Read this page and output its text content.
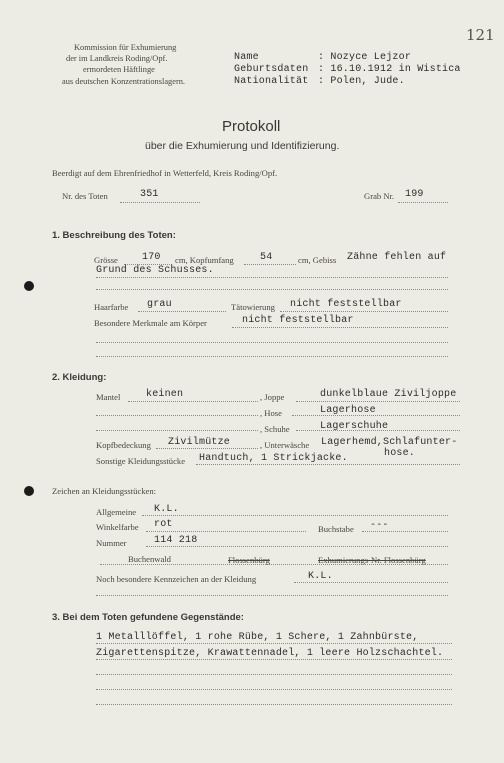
121
Kommission für Exhumierung
der im Landkreis Roding/Opf.
ermordeten Häftlinge
aus deutschen Konzentrationslagern.
Name	: Nozyce Lejzor
Geburtsdaten : 16.10.1912 in Wistica
Nationalität : Polen, Jude.
Protokoll
über die Exhumierung und Identifizierung.
Beerdigt auf dem Ehrenfriedhof in Wetterfeld, Kreis Roding/Opf.
Nr. des Toten	351	Grab Nr. 199
1. Beschreibung des Toten:
Grösse 170 cm, Kopfumfang	54	cm, Gebiss Zähne fehlen auf
Grund des Schusses.
Haarfarbe grau	Tätowierung nicht feststellbar
Besondere Merkmale am Körper	nicht feststellbar
2. Kleidung:
Mantel	keinen	, Joppe	dunkelblaue Ziviljoppe
, Hose	Lagerhose
, Schuhe	Lagerschuhe
Kopfbedeckung Zivilmütze	, Unterwäsche Lagerhemd,Schlafunter-
hose.
Sonstige Kleidungsstücke Handtuch, 1 Strickjacke.
Zeichen an Kleidungsstücken:
Allgemeine K.L.
Winkelfarbe rot	Buchstabe ---
Nummer	114 218
Buchenwald	Flossenbürg	Exhumierungs-Nr. Flossenbürg
Noch besondere Kennzeichen an der Kleidung	K.L.
3. Bei dem Toten gefundene Gegenstände:
1 Metalllöffel, 1 rohe Rübe, 1 Schere, 1 Zahnbürste,
Zigarettenspitze, Krawattennadel, 1 leere Holzschachtel.
